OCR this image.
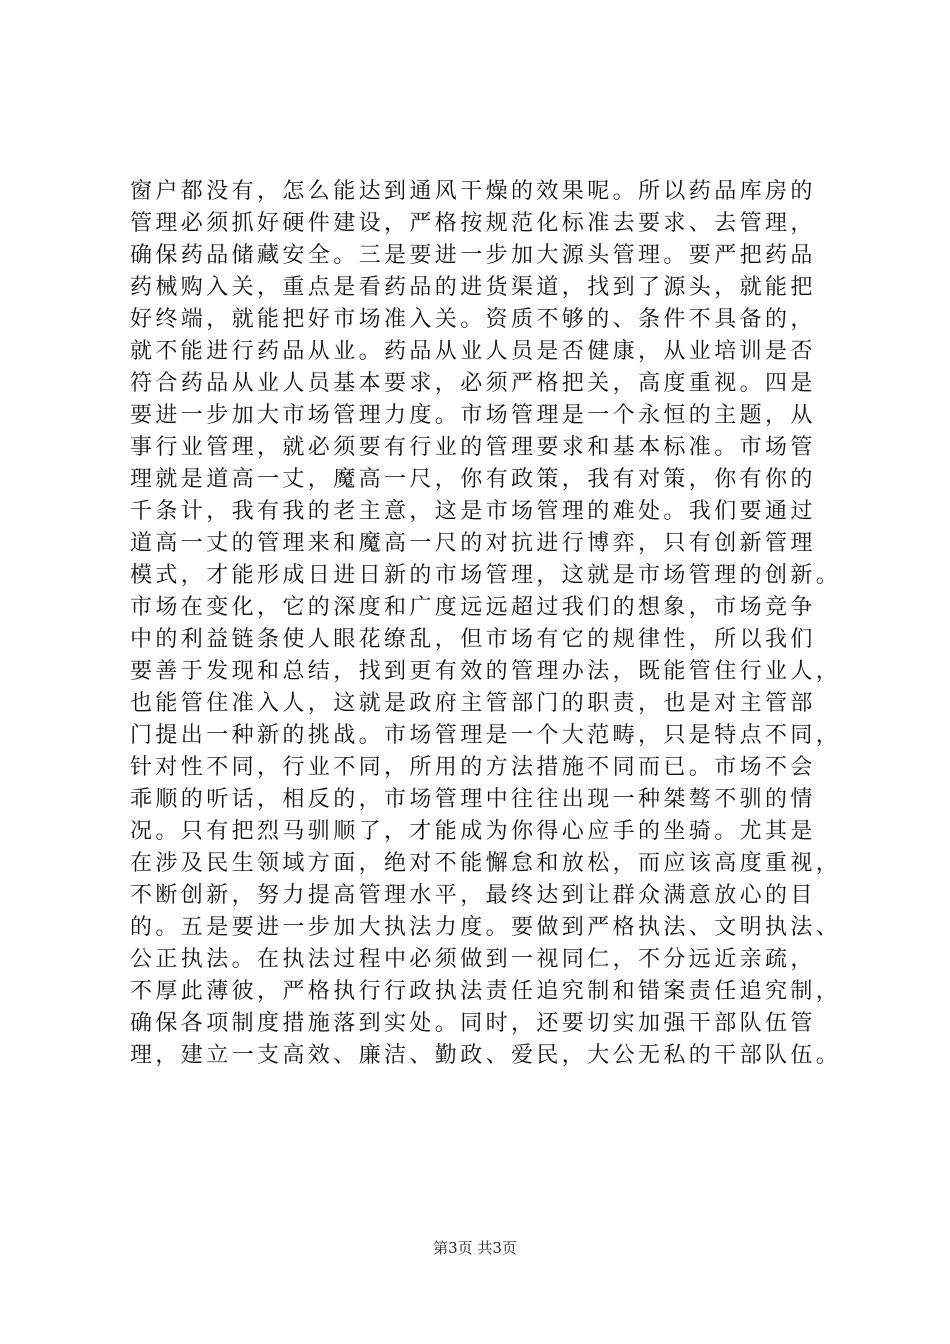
窗户都没有，怎么能达到通风干燥的效果呢。所以药品库房的
管理必须抓好硬件建设，严格按规范化标准去要求、去管理，
确保药品储藏安全。三是要进一步加大源头管理。要严把药品
药械购入关，重点是看药品的进货渠道，找到了源头，就能把
好终端，就能把好市场准入关。资质不够的、条件不具备的，
就不能进行药品从业。药品从业人员是否健康，从业培训是否
符合药品从业人员基本要求，必须严格把关，高度重视。四是
要进一步加大市场管理力度。市场管理是一个永恒的主题，从
事行业管理，就必须要有行业的管理要求和基本标准。市场管
理就是道高一丈，魔高一尺，你有政策，我有对策，你有你的
千条计，我有我的老主意，这是市场管理的难处。我们要通过
道高一丈的管理来和魔高一尺的对抗进行博弈，只有创新管理
模式，才能形成日进日新的市场管理，这就是市场管理的创新。
市场在变化，它的深度和广度远远超过我们的想象，市场竞争
中的利益链条使人眼花缭乱，但市场有它的规律性，所以我们
要善于发现和总结，找到更有效的管理办法，既能管住行业人，
也能管住准入人，这就是政府主管部门的职责，也是对主管部
门提出一种新的挑战。市场管理是一个大范畴，只是特点不同，
针对性不同，行业不同，所用的方法措施不同而已。市场不会
乖顺的听话，相反的，市场管理中往往出现一种桀骜不驯的情
况。只有把烈马驯顺了，才能成为你得心应手的坐骑。尤其是
在涉及民生领域方面，绝对不能懈怠和放松，而应该高度重视，
不断创新，努力提高管理水平，最终达到让群众满意放心的目
的。五是要进一步加大执法力度。要做到严格执法、文明执法、
公正执法。在执法过程中必须做到一视同仁，不分远近亲疏，
不厚此薄彼，严格执行行政执法责任追究制和错案责任追究制，
确保各项制度措施落到实处。同时，还要切实加强干部队伍管
理，建立一支高效、廉洁、勤政、爱民，大公无私的干部队伍。
第3页 共3页
